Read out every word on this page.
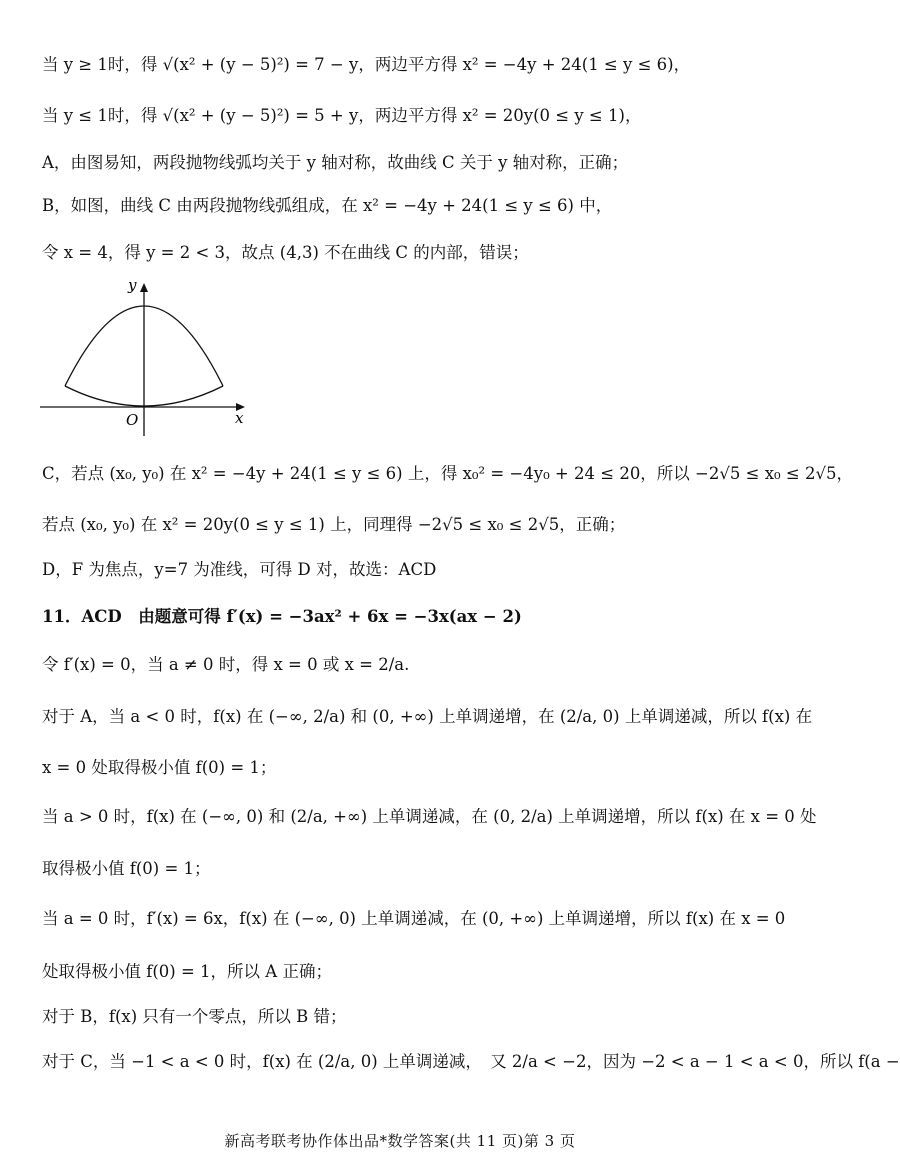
当 y ≥ 1时，得 √(x² + (y − 5)²) = 7 − y，两边平方得 x² = −4y + 24(1 ≤ y ≤ 6)，
当 y ≤ 1时，得 √(x² + (y − 5)²) = 5 + y，两边平方得 x² = 20y(0 ≤ y ≤ 1)，
A，由图易知，两段抛物线弧均关于 y 轴对称，故曲线 C 关于 y 轴对称，正确；
B，如图，曲线 C 由两段抛物线弧组成，在 x² = −4y + 24(1 ≤ y ≤ 6) 中，
令 x = 4，得 y = 2 < 3，故点 (4,3) 不在曲线 C 的内部，错误；
x
y
O
C，若点 (x₀, y₀) 在 x² = −4y + 24(1 ≤ y ≤ 6) 上，得 x₀² = −4y₀ + 24 ≤ 20，所以 −2√5 ≤ x₀ ≤ 2√5，
若点 (x₀, y₀) 在 x² = 20y(0 ≤ y ≤ 1) 上，同理得 −2√5 ≤ x₀ ≤ 2√5，正确；
D，F 为焦点，y=7 为准线，可得 D 对，故选：ACD
11．ACD　由题意可得 f′(x) = −3ax² + 6x = −3x(ax − 2)
令 f′(x) = 0，当 a ≠ 0 时，得 x = 0 或 x = 2/a.
对于 A，当 a < 0 时，f(x) 在 (−∞, 2/a) 和 (0, +∞) 上单调递增，在 (2/a, 0) 上单调递减，所以 f(x) 在
x = 0 处取得极小值 f(0) = 1；
当 a > 0 时，f(x) 在 (−∞, 0) 和 (2/a, +∞) 上单调递减，在 (0, 2/a) 上单调递增，所以 f(x) 在 x = 0 处
取得极小值 f(0) = 1；
当 a = 0 时，f′(x) = 6x，f(x) 在 (−∞, 0) 上单调递减，在 (0, +∞) 上单调递增，所以 f(x) 在 x = 0
处取得极小值 f(0) = 1，所以 A 正确；
对于 B，f(x) 只有一个零点，所以 B 错；
对于 C，当 −1 < a < 0 时，f(x) 在 (2/a, 0) 上单调递减，　又 2/a < −2，因为 −2 < a − 1 < a < 0，所以 f(a −
新高考联考协作体出品*数学答案(共 11 页)第 3 页
